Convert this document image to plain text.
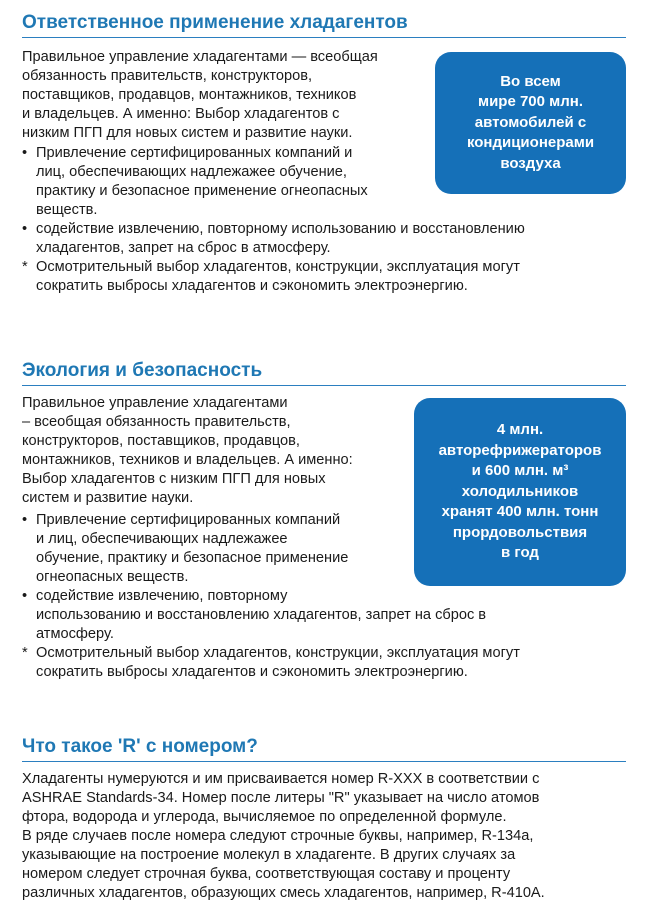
Ответственное применение хладагентов

Правильное управление хладагентами — всеобщая
обязанность правительств, конструкторов,
поставщиков, продавцов, монтажников, техников
и владельцев. А именно: Выбор хладагентов с
низким ПГП для новых систем и развитие науки.

• Привлечение сертифицированных компаний и
лиц, обеспечивающих надлежажее обучение,
практику и безопасное применение огнеопасных
веществ.
• содействие извлечению, повторному использованию и восстановлению
хладагентов, запрет на сброс в атмосферу.
* Осмотрительный выбор хладагентов, конструкции, эксплуатация могут
сократить выбросы хладагентов и сэкономить электроэнергию.
Во всем
мире 700 млн.
автомобилей с
кондиционерами
воздуха
Экология и безопасность

Правильное управление хладагентами
– всеобщая обязанность правительств,
конструкторов, поставщиков, продавцов,
монтажников, техников и владельцев. А именно:
Выбор хладагентов с низким ПГП для новых
систем и развитие науки.

• Привлечение сертифицированных компаний
и лиц, обеспечивающих надлежажее
обучение, практику и безопасное применение
огнеопасных веществ.
• содействие извлечению, повторному
использованию и восстановлению хладагентов, запрет на сброс в
атмосферу.
* Осмотрительный выбор хладагентов, конструкции, эксплуатация могут
сократить выбросы хладагентов и сэкономить электроэнергию.
4 млн.
авторефрижераторов
и 600 млн. м³
холодильников
хранят 400 млн. тонн
прордовольствия
в год
Что такое 'R' с номером?

Хладагенты нумеруются и им присваивается номер R-XXX в соответствии с
ASHRAE Standards-34. Номер после литеры "R" указывает на число атомов
фтора, водорода и углерода, вычисляемое по определенной формуле.
В ряде случаев после номера следуют строчные буквы, например, R-134a,
указывающие на построение молекул в хладагенте. В других случаях за
номером следует строчная буква, соответствующая составу и проценту
различных хладагентов, образующих смесь хладагентов, например, R-410A.
